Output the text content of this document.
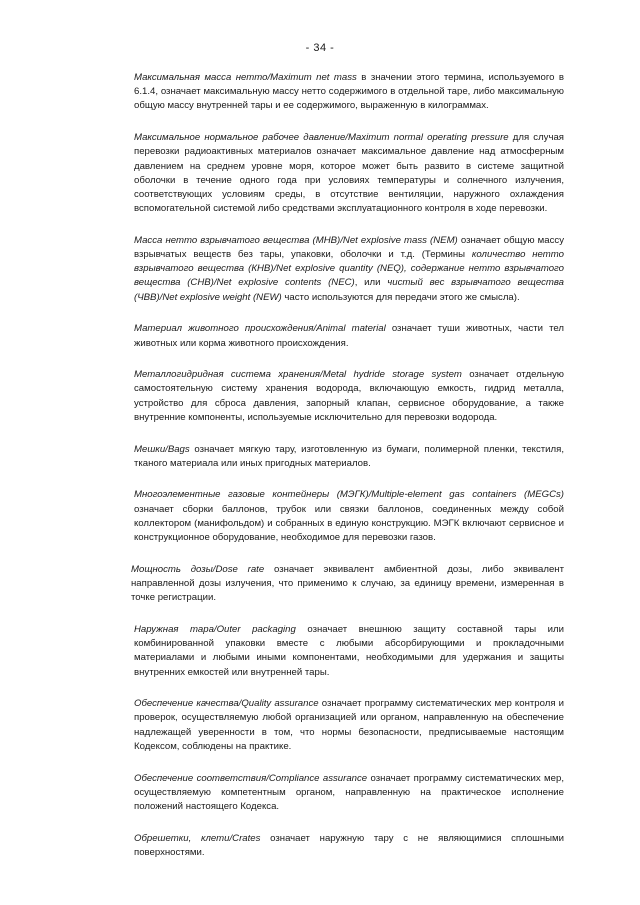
- 34 -

Максимальная масса нетто/Maximum net mass в значении этого термина, используемого в 6.1.4, означает максимальную массу нетто содержимого в отдельной таре, либо максимальную общую массу внутренней тары и ее содержимого, выраженную в килограммах.

Максимальное нормальное рабочее давление/Maximum normal operating pressure для случая перевозки радиоактивных материалов означает максимальное давление над атмосферным давлением на среднем уровне моря, которое может быть развито в системе защитной оболочки в течение одного года при условиях температуры и солнечного излучения, соответствующих условиям среды, в отсутствие вентиляции, наружного охлаждения вспомогательной системой либо средствами эксплуатационного контроля в ходе перевозки.

Масса нетто взрывчатого вещества (МНВ)/Net explosive mass (NEM) означает общую массу взрывчатых веществ без тары, упаковки, оболочки и т.д. (Термины количество нетто взрывчатого вещества (КНВ)/Net explosive quantity (NEQ), содержание нетто взрывчатого вещества (СНВ)/Net explosive contents (NEC), или чистый вес взрывчатого вещества (ЧВВ)/Net explosive weight (NEW) часто используются для передачи этого же смысла).

Материал животного происхождения/Animal material означает туши животных, части тел животных или корма животного происхождения.

Металлогидридная система хранения/Metal hydride storage system означает отдельную самостоятельную систему хранения водорода, включающую емкость, гидрид металла, устройство для сброса давления, запорный клапан, сервисное оборудование, а также внутренние компоненты, используемые исключительно для перевозки водорода.

Мешки/Bags означает мягкую тару, изготовленную из бумаги, полимерной пленки, текстиля, тканого материала или иных пригодных материалов.

Многоэлементные газовые контейнеры (МЭГК)/Multiple-element gas containers (MEGCs) означает сборки баллонов, трубок или связки баллонов, соединенных между собой коллектором (манифольдом) и собранных в единую конструкцию. МЭГК включают сервисное и конструкционное оборудование, необходимое для перевозки газов.

Мощность дозы/Dose rate означает эквивалент амбиентной дозы, либо эквивалент направленной дозы излучения, что применимо к случаю, за единицу времени, измеренная в точке регистрации.

Наружная тара/Outer packaging означает внешнюю защиту составной тары или комбинированной упаковки вместе с любыми абсорбирующими и прокладочными материалами и любыми иными компонентами, необходимыми для удержания и защиты внутренних емкостей или внутренней тары.

Обеспечение качества/Quality assurance означает программу систематических мер контроля и проверок, осуществляемую любой организацией или органом, направленную на обеспечение надлежащей уверенности в том, что нормы безопасности, предписываемые настоящим Кодексом, соблюдены на практике.

Обеспечение соответствия/Compliance assurance означает программу систематических мер, осуществляемую компетентным органом, направленную на практическое исполнение положений настоящего Кодекса.

Обрешетки, клети/Crates означает наружную тару с не являющимися сплошными поверхностями.
